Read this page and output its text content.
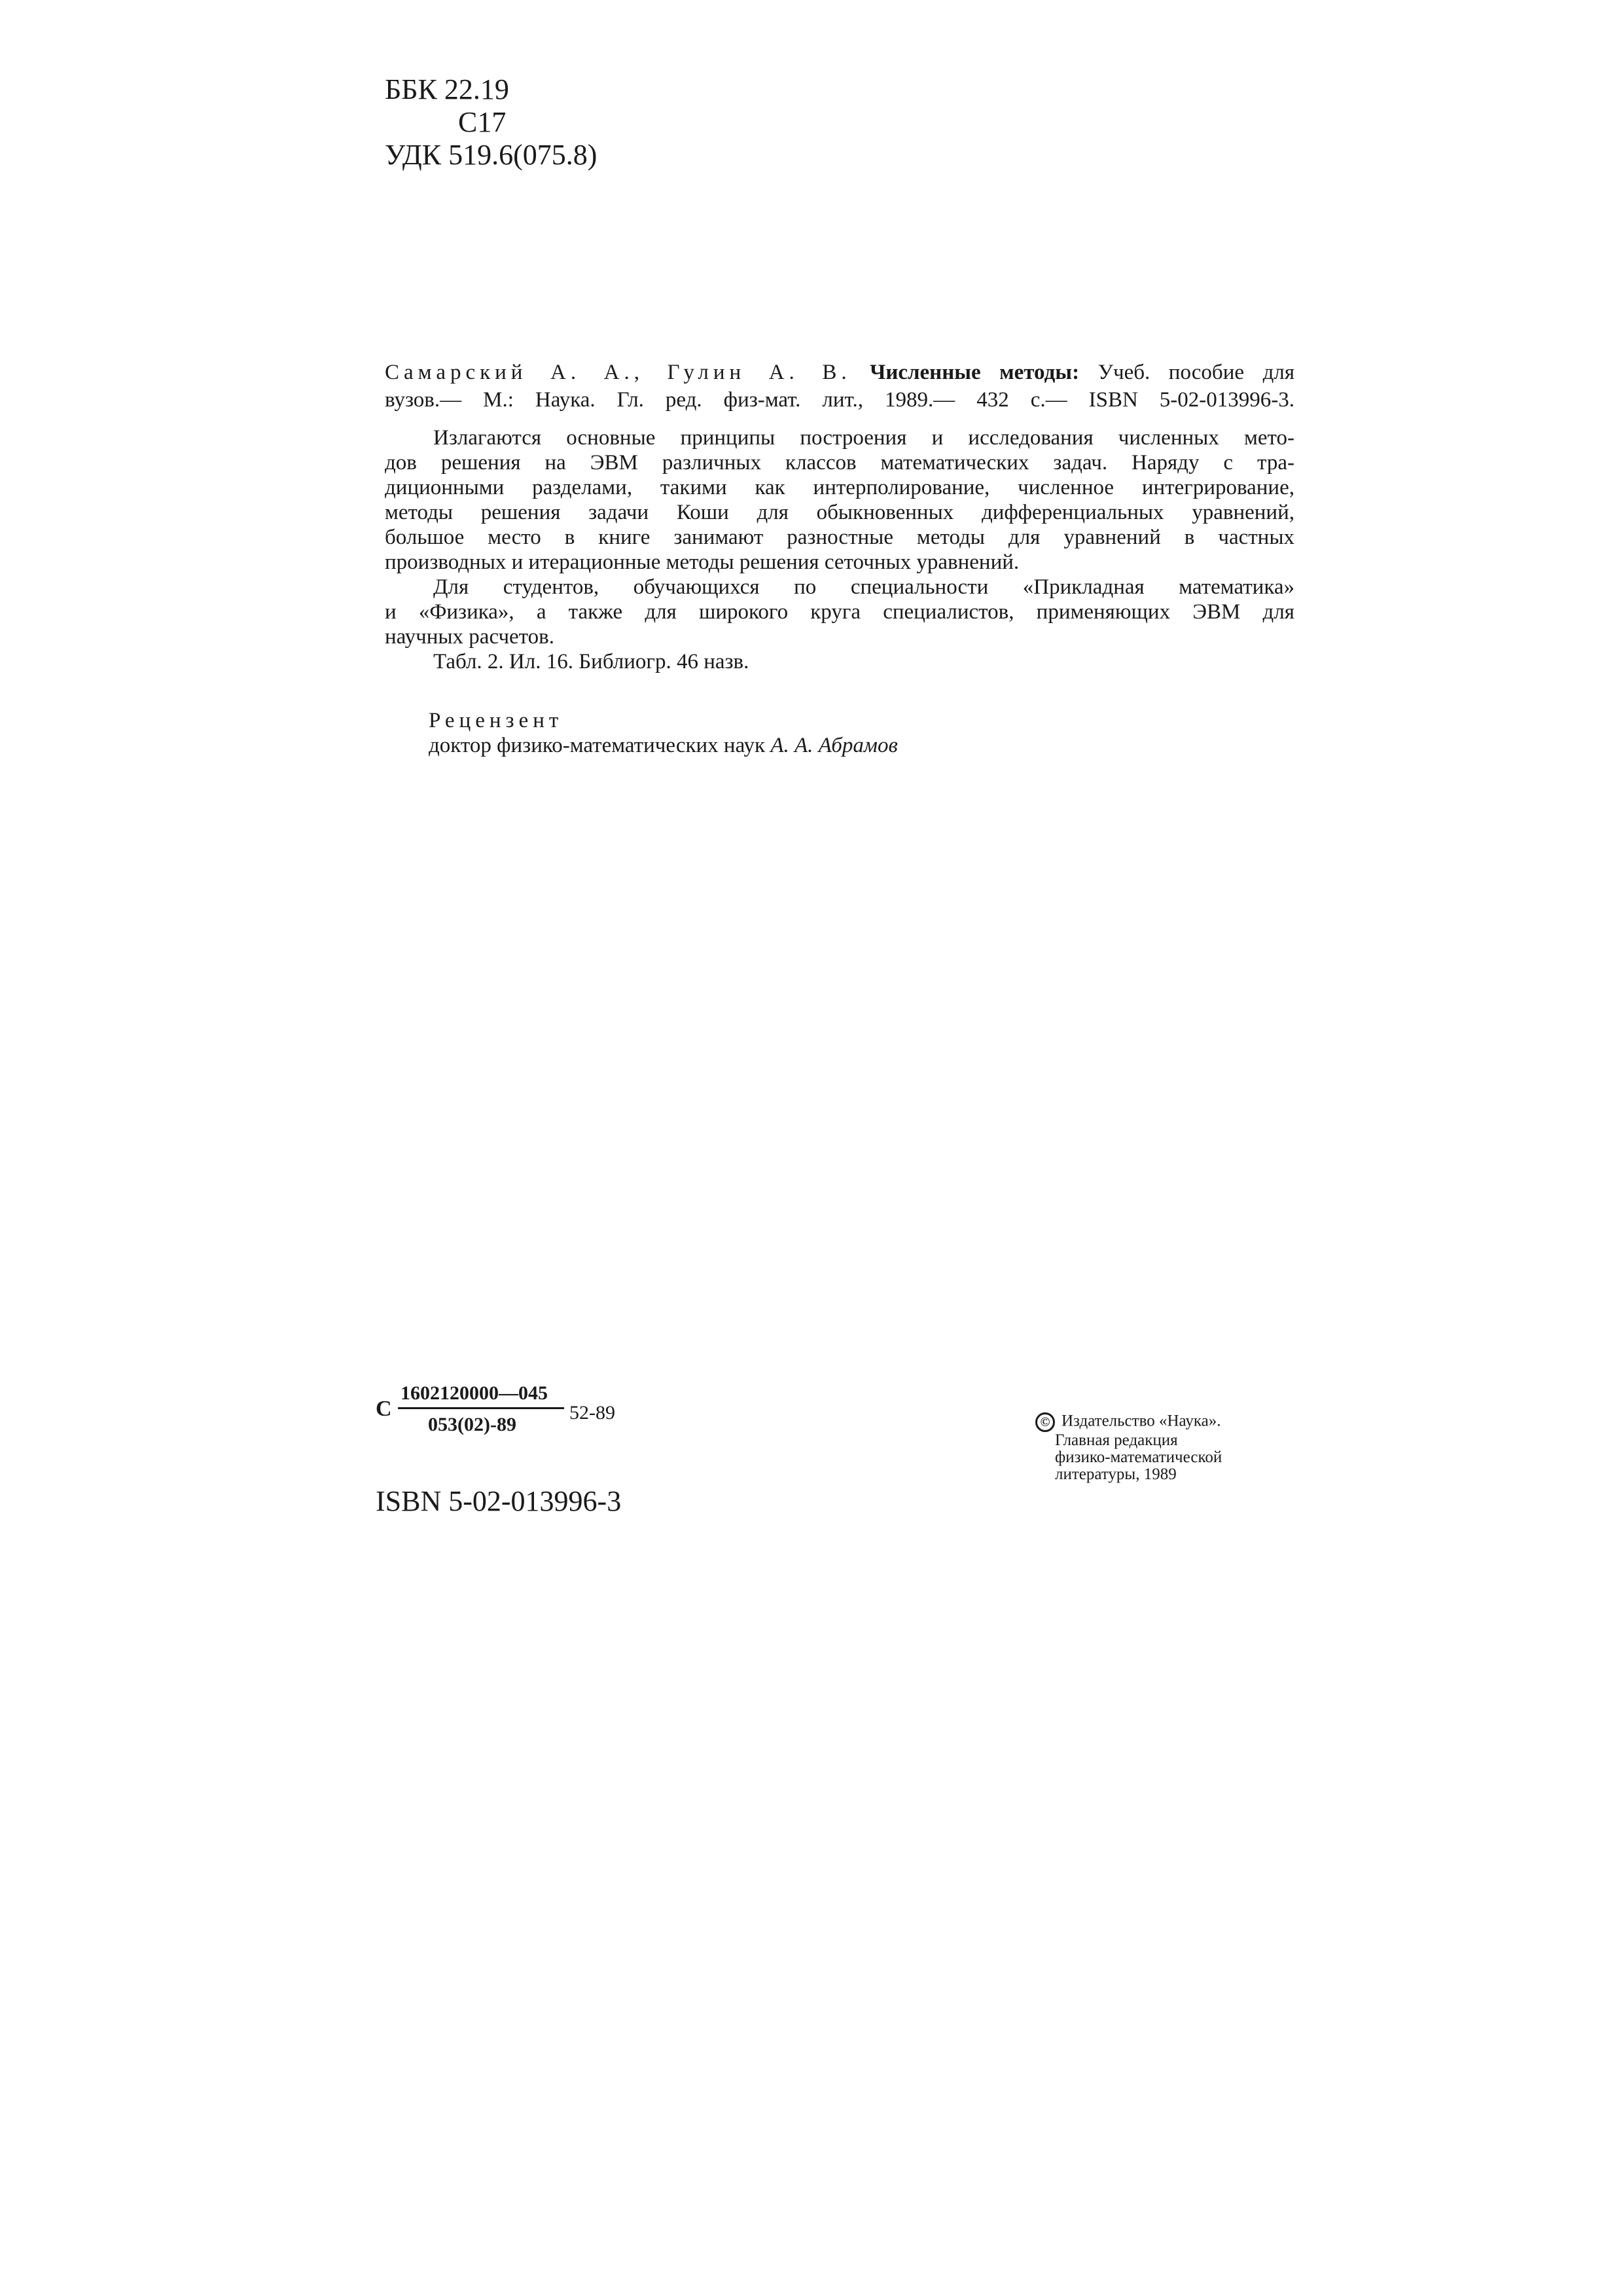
ББК 22.19
С17
УДК 519.6(075.8)
Самарский А. А., Гулин А. В. Численные методы: Учеб. пособие для
вузов.— М.: Наука. Гл. ред. физ-мат. лит., 1989.— 432 с.— ISBN 5-02-013996-3.
Излагаются основные принципы построения и исследования численных мето-
дов решения на ЭВМ различных классов математических задач. Наряду с тра-
диционными разделами, такими как интерполирование, численное интегрирование,
методы решения задачи Коши для обыкновенных дифференциальных уравнений,
большое место в книге занимают разностные методы для уравнений в частных
производных и итерационные методы решения сеточных уравнений.
Для студентов, обучающихся по специальности «Прикладная математика»
и «Физика», а также для широкого круга специалистов, применяющих ЭВМ для
научных расчетов.
Табл. 2. Ил. 16. Библиогр. 46 назв.
Рецензент
доктор физико-математических наук А. А. Абрамов
С
1602120000—045
053(02)-89
52-89
ISBN 5-02-013996-3
© Издательство «Наука».
Главная редакция
физико-математической
литературы, 1989
